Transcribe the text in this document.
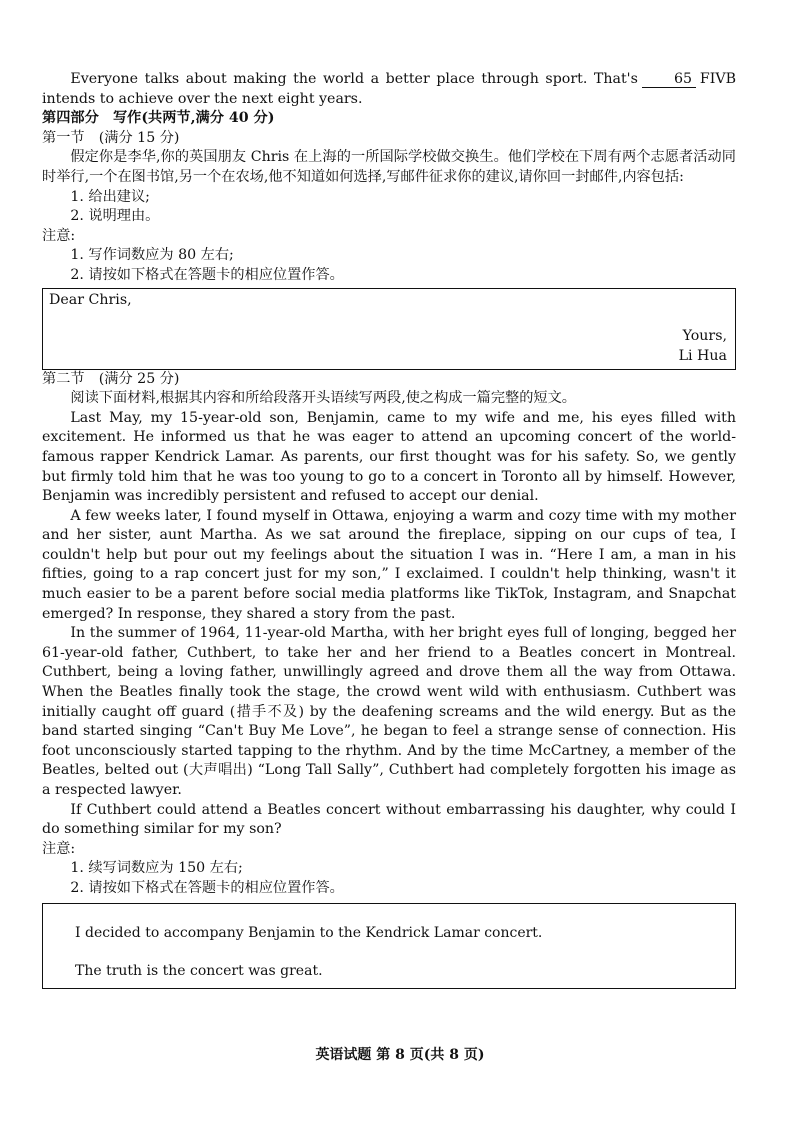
Everyone talks about making the world a better place through sport. That's	65 FIVB intends to achieve over the next eight years.

第四部分　写作(共两节,满分 40 分)

第一节　(满分 15 分)

假定你是李华,你的英国朋友 Chris 在上海的一所国际学校做交换生。他们学校在下周有两个志愿者活动同时举行,一个在图书馆,另一个在农场,他不知道如何选择,写邮件征求你的建议,请你回一封邮件,内容包括:

1. 给出建议;

2. 说明理由。

注意:

1. 写作词数应为 80 左右;

2. 请按如下格式在答题卡的相应位置作答。

Dear Chris,
Yours,
Li Hua

第二节　(满分 25 分)

阅读下面材料,根据其内容和所给段落开头语续写两段,使之构成一篇完整的短文。

Last May, my 15-year-old son, Benjamin, came to my wife and me, his eyes filled with excitement. He informed us that he was eager to attend an upcoming concert of the world-famous rapper Kendrick Lamar. As parents, our first thought was for his safety. So, we gently but firmly told him that he was too young to go to a concert in Toronto all by himself. However, Benjamin was incredibly persistent and refused to accept our denial.

A few weeks later, I found myself in Ottawa, enjoying a warm and cozy time with my mother and her sister, aunt Martha. As we sat around the fireplace, sipping on our cups of tea, I couldn't help but pour out my feelings about the situation I was in. “Here I am, a man in his fifties, going to a rap concert just for my son,” I exclaimed. I couldn't help thinking, wasn't it much easier to be a parent before social media platforms like TikTok, Instagram, and Snapchat emerged? In response, they shared a story from the past.

In the summer of 1964, 11-year-old Martha, with her bright eyes full of longing, begged her 61-year-old father, Cuthbert, to take her and her friend to a Beatles concert in Montreal. Cuthbert, being a loving father, unwillingly agreed and drove them all the way from Ottawa. When the Beatles finally took the stage, the crowd went wild with enthusiasm. Cuthbert was initially caught off guard (措手不及) by the deafening screams and the wild energy. But as the band started singing “Can't Buy Me Love”, he began to feel a strange sense of connection. His foot unconsciously started tapping to the rhythm. And by the time McCartney, a member of the Beatles, belted out (大声唱出) “Long Tall Sally”, Cuthbert had completely forgotten his image as a respected lawyer.

If Cuthbert could attend a Beatles concert without embarrassing his daughter, why could I do something similar for my son?

注意:

1. 续写词数应为 150 左右;

2. 请按如下格式在答题卡的相应位置作答。

I decided to accompany Benjamin to the Kendrick Lamar concert.
The truth is the concert was great.
英语试题 第 8 页(共 8 页)
